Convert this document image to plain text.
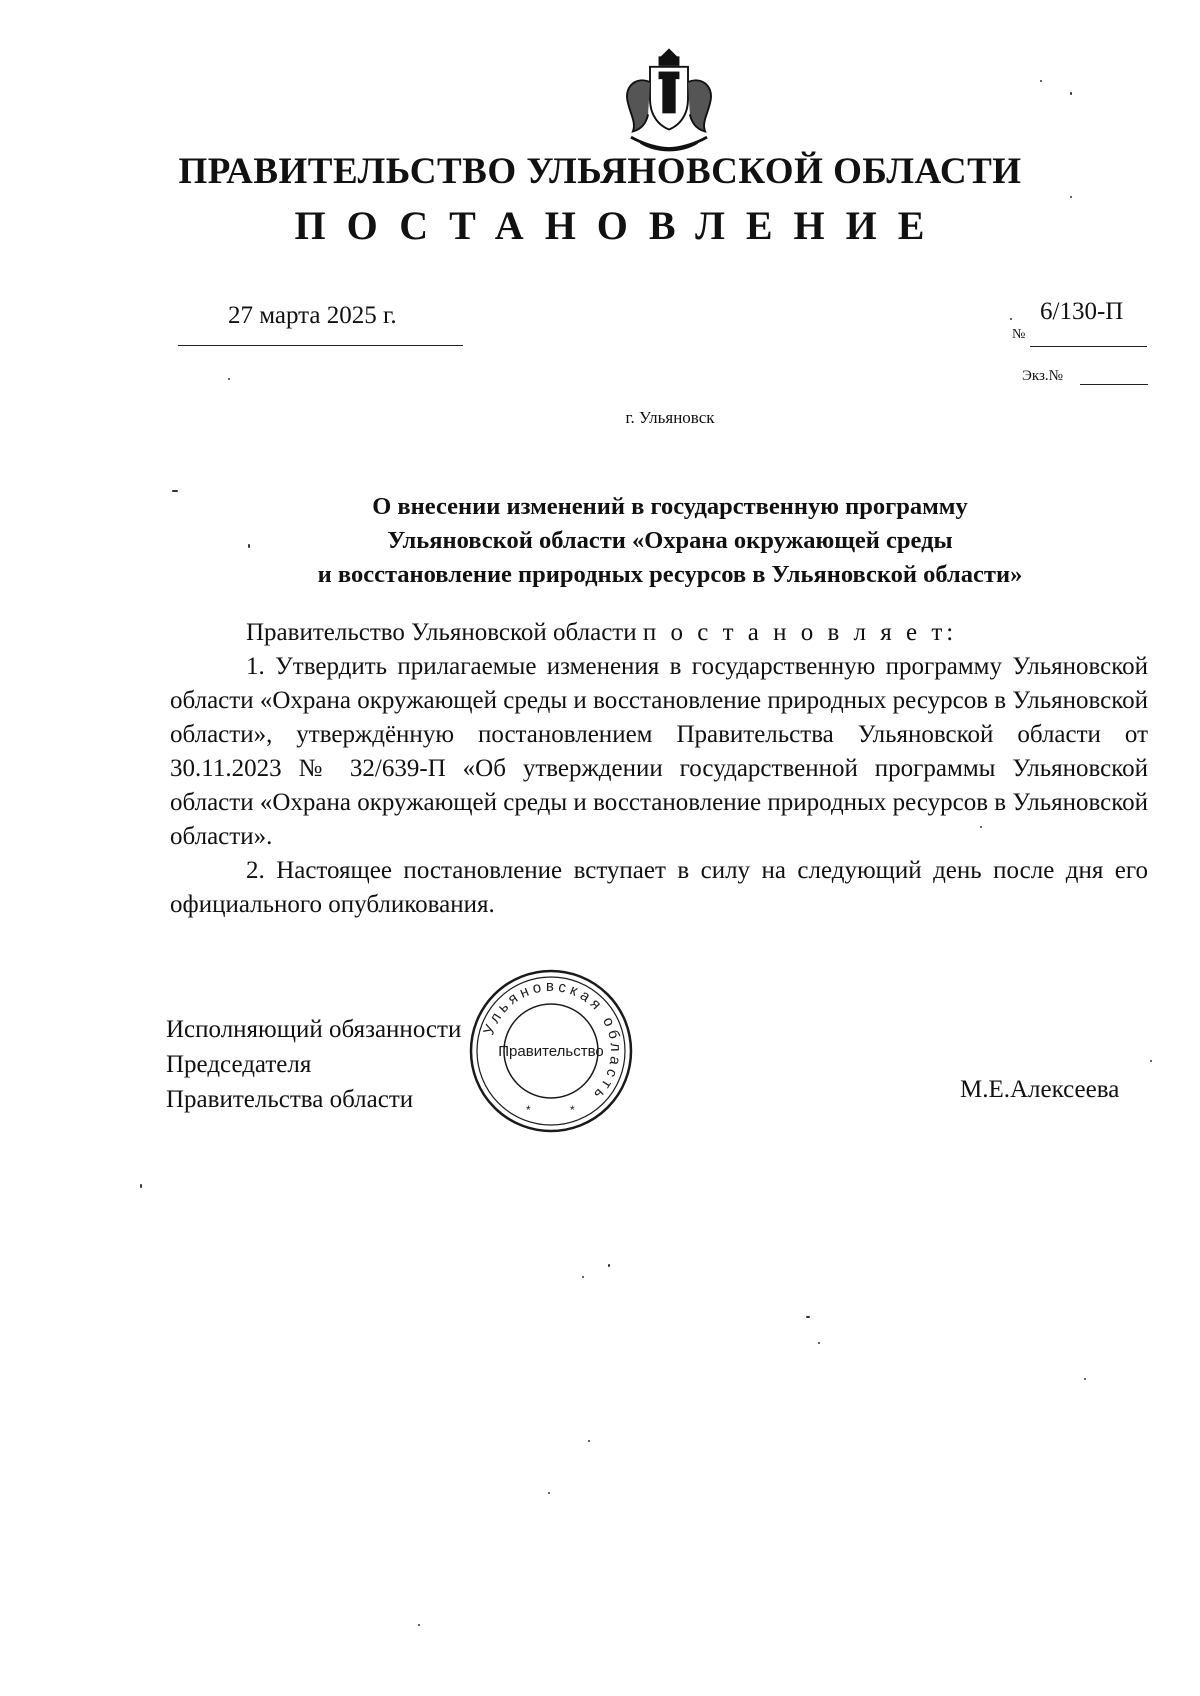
ПРАВИТЕЛЬСТВО УЛЬЯНОВСКОЙ ОБЛАСТИ
ПОСТАНОВЛЕНИЕ
27 марта 2025 г.
№
6/130-П
Экз.№
г. Ульяновск
О внесении изменений в государственную программу
Ульяновской области «Охрана окружающей среды
и восстановление природных ресурсов в Ульяновской области»

Правительство Ульяновской области п о с т а н о в л я е т:

1. Утвердить прилагаемые изменения в государственную программу Ульяновской области «Охрана окружающей среды и восстановление природных ресурсов в Ульяновской области», утверждённую постановлением Правительства Ульяновской области от 30.11.2023 № 32/639-П «Об утверждении государственной программы Ульяновской области «Охрана окружающей среды и восстановление природных ресурсов в Ульяновской области».

2. Настоящее постановление вступает в силу на следующий день после дня его официального опубликования.

Исполняющий обязанности
Председателя
Правительства области	М.Е.Алексеева
Ульяновская область
Правительство
*	*
